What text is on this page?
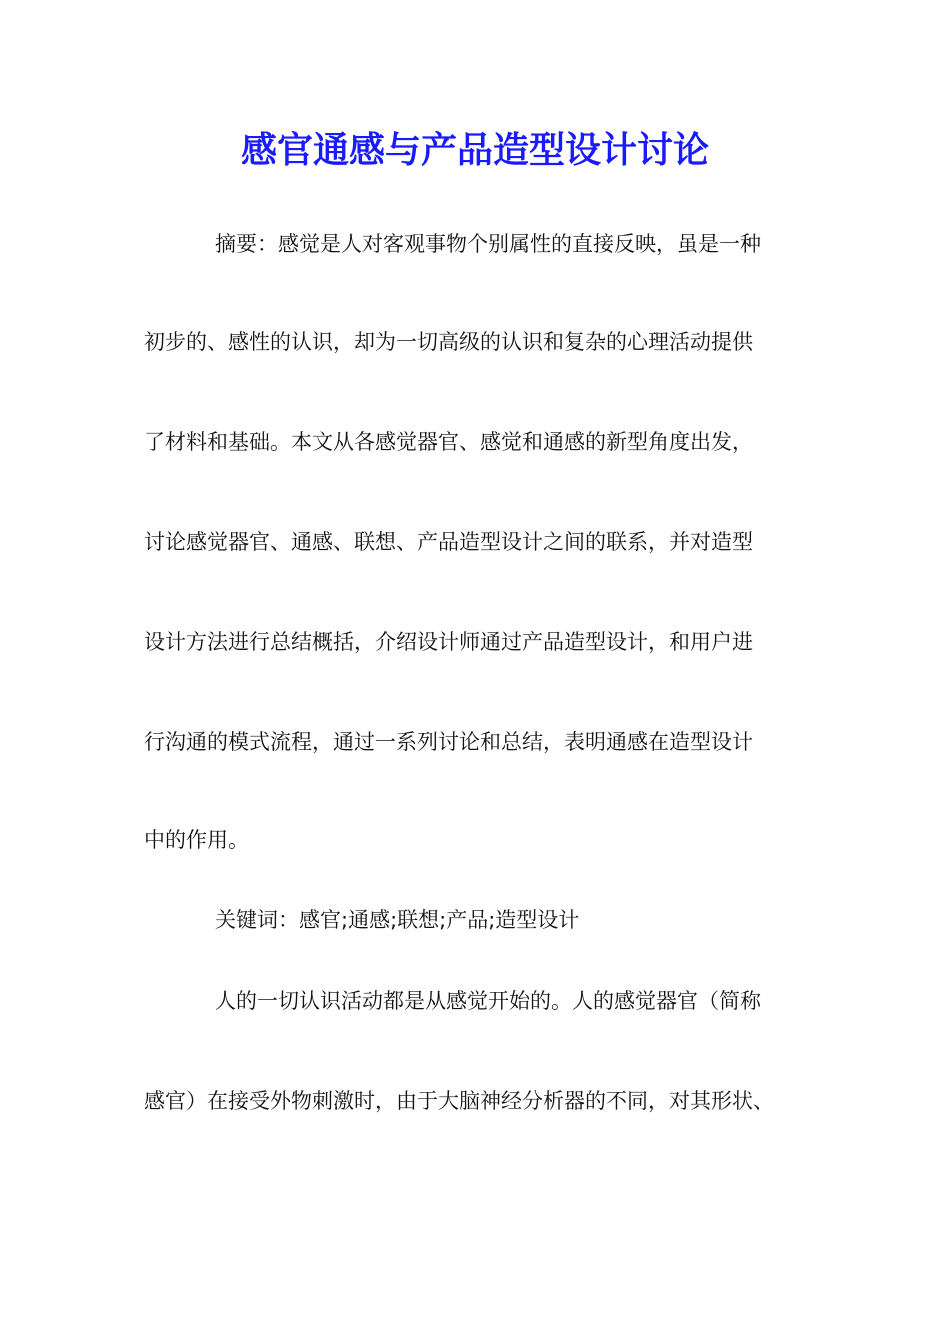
感官通感与产品造型设计讨论

摘要：感觉是人对客观事物个别属性的直接反映，虽是一种

初步的、感性的认识，却为一切高级的认识和复杂的心理活动提供

了材料和基础。本文从各感觉器官、感觉和通感的新型角度出发，

讨论感觉器官、通感、联想、产品造型设计之间的联系，并对造型

设计方法进行总结概括，介绍设计师通过产品造型设计，和用户进

行沟通的模式流程，通过一系列讨论和总结，表明通感在造型设计

中的作用。

关键词：感官;通感;联想;产品;造型设计

人的一切认识活动都是从感觉开始的。人的感觉器官（简称

感官）在接受外物刺激时，由于大脑神经分析器的不同，对其形状、
